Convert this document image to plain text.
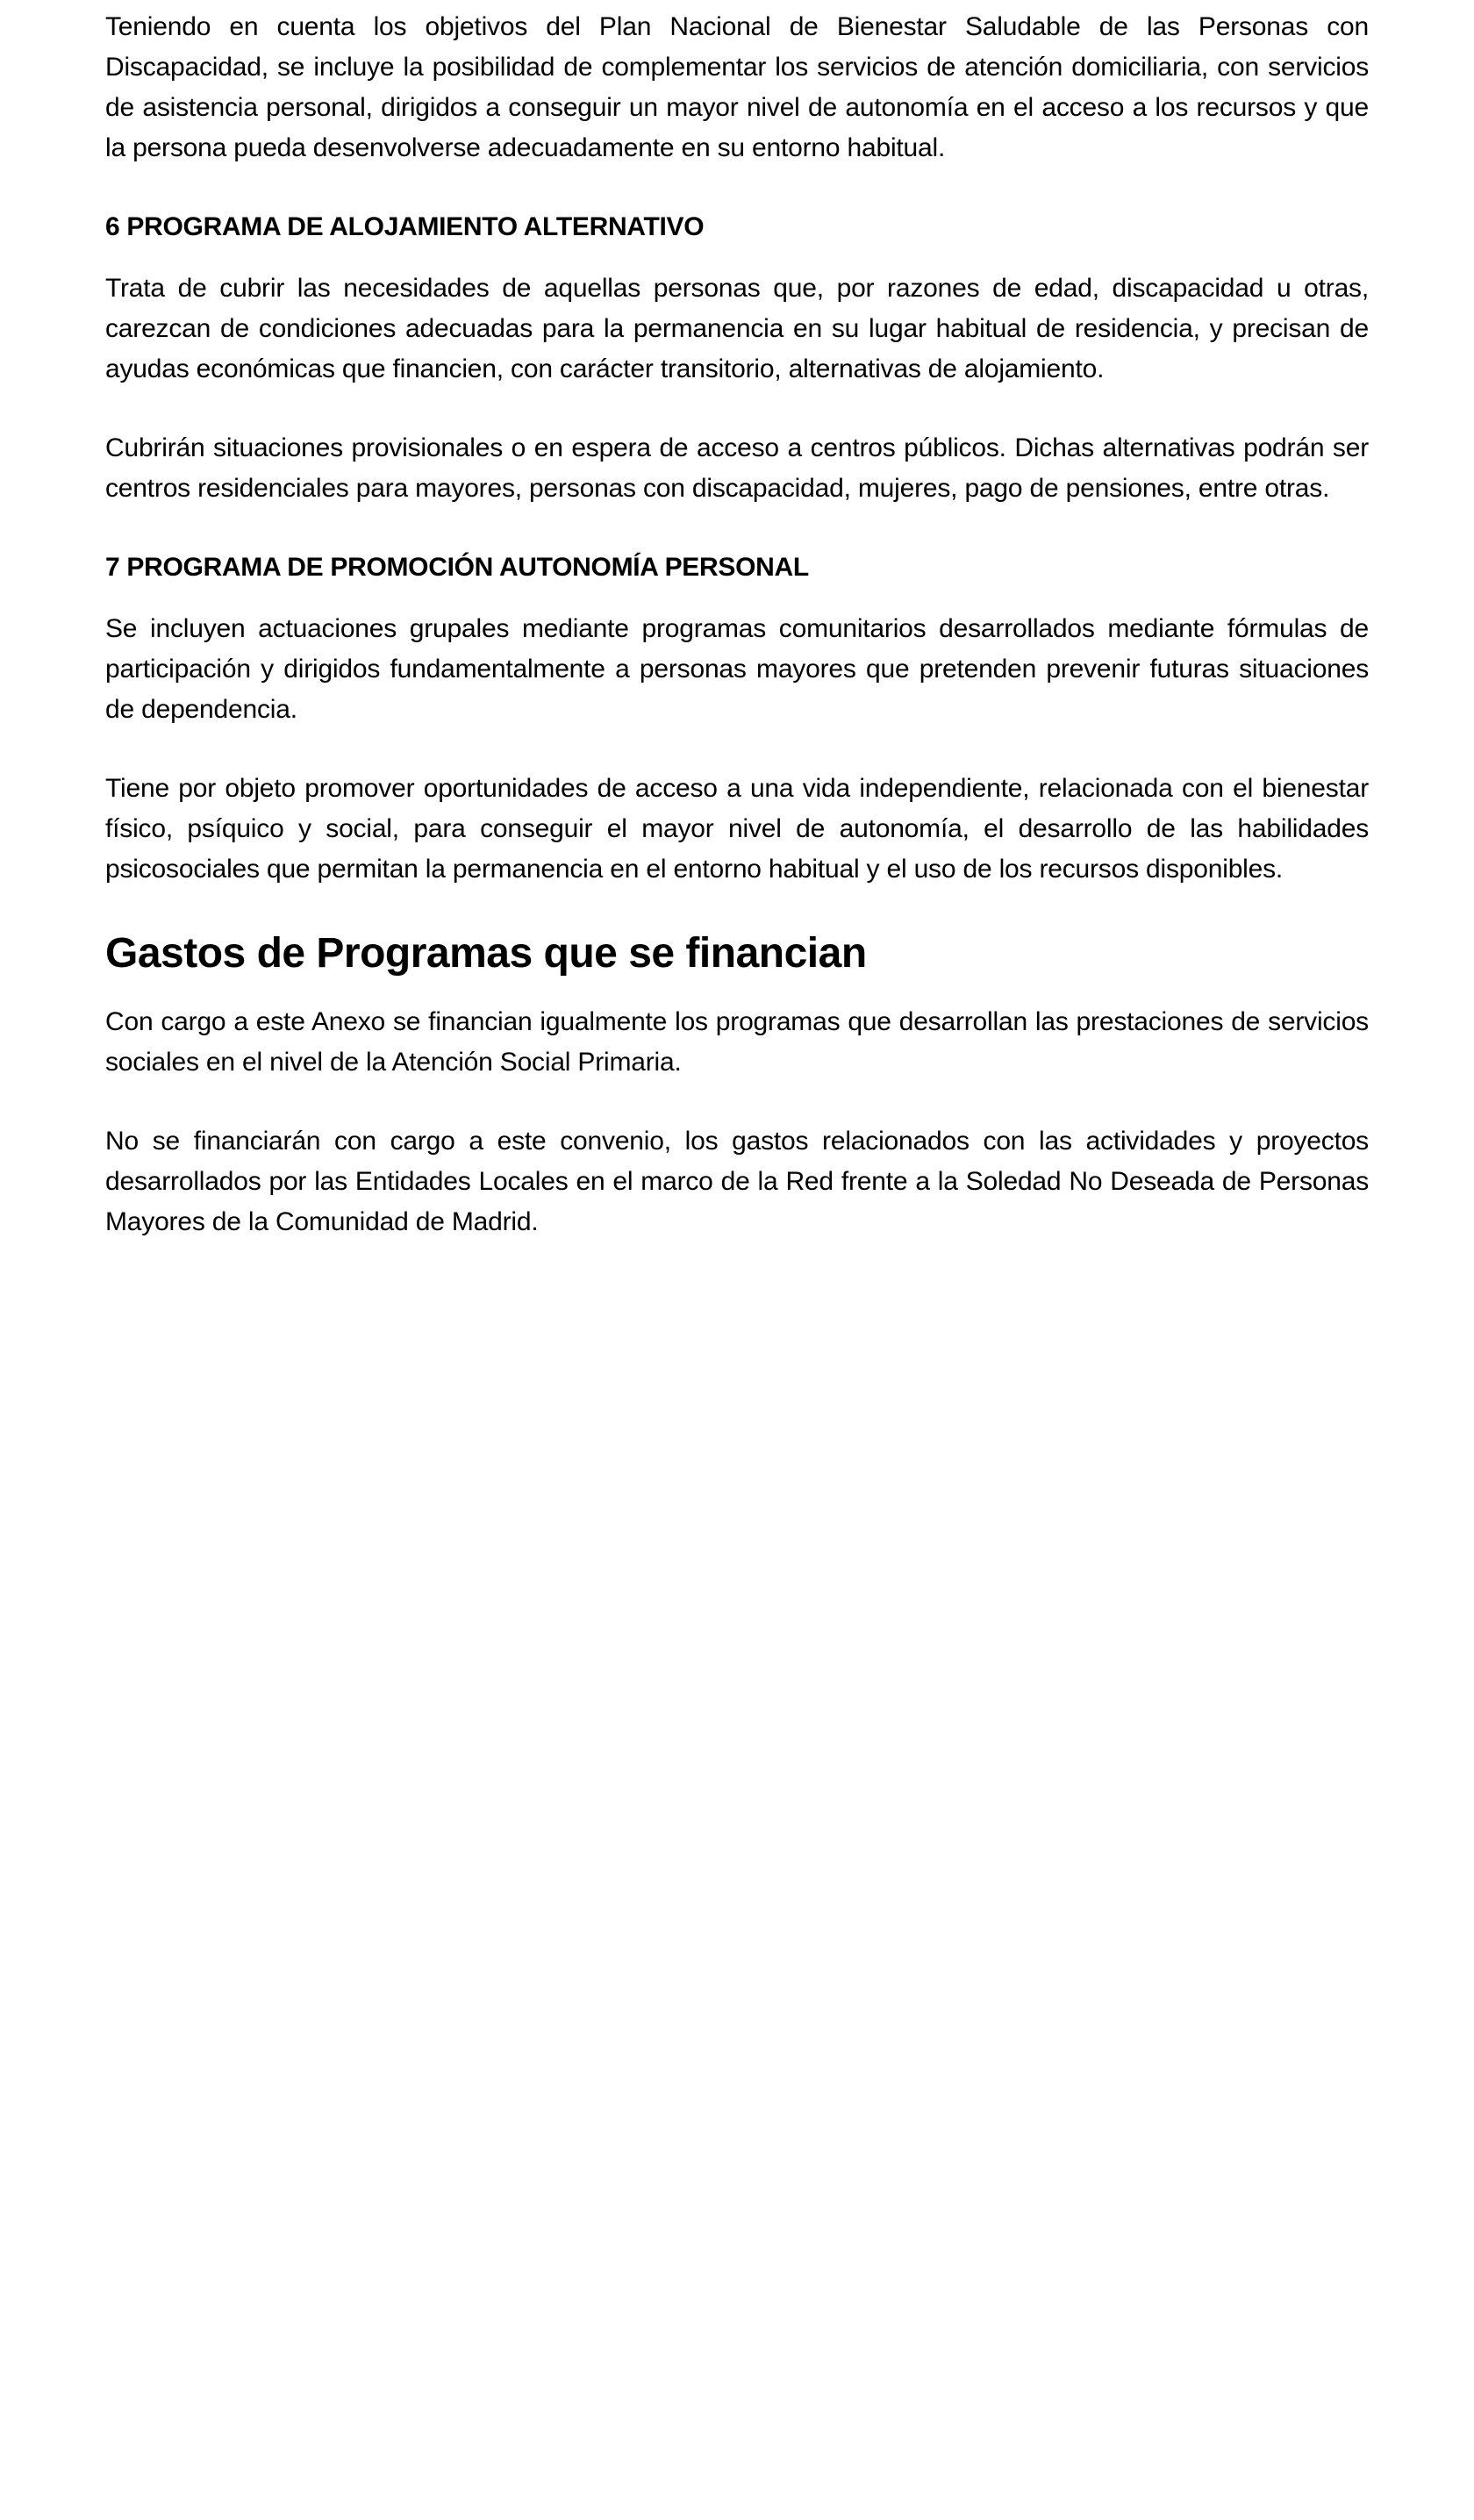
Teniendo en cuenta los objetivos del Plan Nacional de Bienestar Saludable de las Personas con Discapacidad, se incluye la posibilidad de complementar los servicios de atención domiciliaria, con servicios de asistencia personal, dirigidos a conseguir un mayor nivel de autonomía en el acceso a los recursos y que la persona pueda desenvolverse adecuadamente en su entorno habitual.

6 PROGRAMA DE ALOJAMIENTO ALTERNATIVO

Trata de cubrir las necesidades de aquellas personas que, por razones de edad, discapacidad u otras, carezcan de condiciones adecuadas para la permanencia en su lugar habitual de residencia, y precisan de ayudas económicas que financien, con carácter transitorio, alternativas de alojamiento.

Cubrirán situaciones provisionales o en espera de acceso a centros públicos. Dichas alternativas podrán ser centros residenciales para mayores, personas con discapacidad, mujeres, pago de pensiones, entre otras.

7 PROGRAMA DE PROMOCIÓN AUTONOMÍA PERSONAL

Se incluyen actuaciones grupales mediante programas comunitarios desarrollados mediante fórmulas de participación y dirigidos fundamentalmente a personas mayores que pretenden prevenir futuras situaciones de dependencia.

Tiene por objeto promover oportunidades de acceso a una vida independiente, relacionada con el bienestar físico, psíquico y social, para conseguir el mayor nivel de autonomía, el desarrollo de las habilidades psicosociales que permitan la permanencia en el entorno habitual y el uso de los recursos disponibles.

Gastos de Programas que se financian

Con cargo a este Anexo se financian igualmente los programas que desarrollan las prestaciones de servicios sociales en el nivel de la Atención Social Primaria.

No se financiarán con cargo a este convenio, los gastos relacionados con las actividades y proyectos desarrollados por las Entidades Locales en el marco de la Red frente a la Soledad No Deseada de Personas Mayores de la Comunidad de Madrid.
